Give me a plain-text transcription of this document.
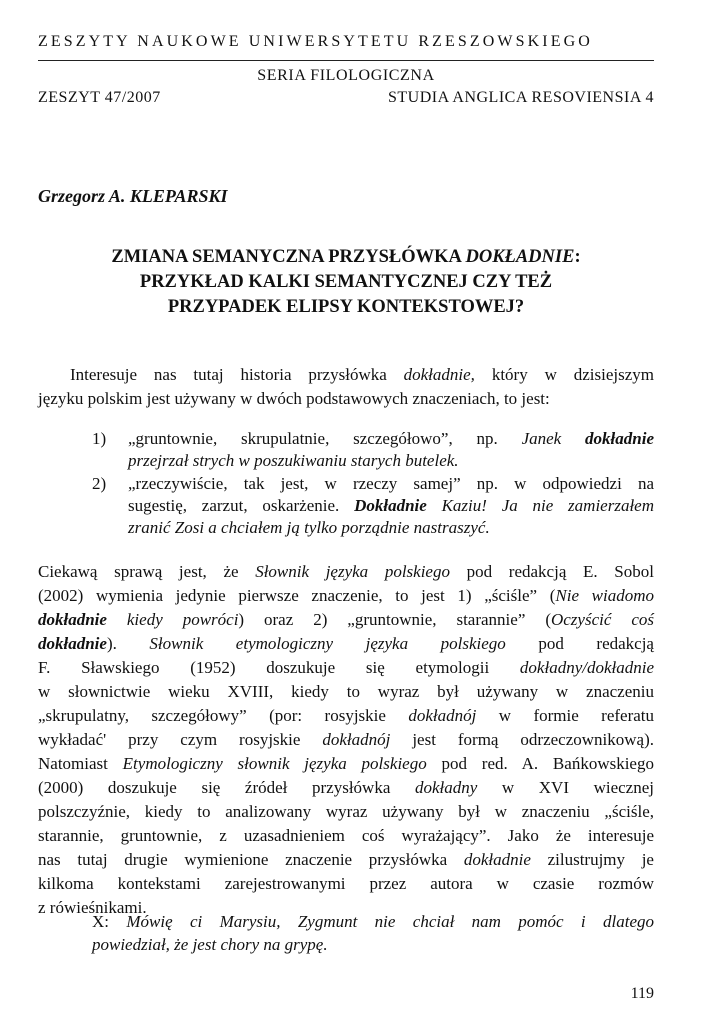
ZESZYTY NAUKOWE UNIWERSYTETU RZESZOWSKIEGO
SERIA FILOLOGICZNA
ZESZYT 47/2007	STUDIA ANGLICA RESOVIENSIA 4
Grzegorz A. KLEPARSKI
ZMIANA SEMANYCZNA PRZYSŁÓWKA DOKŁADNIE:
PRZYKŁAD KALKI SEMANTYCZNEJ CZY TEŻ
PRZYPADEK ELIPSY KONTEKSTOWEJ?
Interesuje nas tutaj historia przysłówka dokładnie, który w dzisiejszym
języku polskim jest używany w dwóch podstawowych znaczeniach, to jest:
1)	„gruntownie, skrupulatnie, szczegółowo”, np. Janek dokładnie
przejrzał strych w poszukiwaniu starych butelek.
2)	„rzeczywiście, tak jest, w rzeczy samej” np. w odpowiedzi na
sugestię, zarzut, oskarżenie. Dokładnie Kaziu! Ja nie zamierzałem
zranić Zosi a chciałem ją tylko porządnie nastraszyć.
Ciekawą sprawą jest, że Słownik języka polskiego pod redakcją E. Sobol
(2002) wymienia jedynie pierwsze znaczenie, to jest 1) „ściśle” (Nie wiadomo
dokładnie kiedy powróci) oraz 2) „gruntownie, starannie” (Oczyścić coś
dokładnie). Słownik etymologiczny języka polskiego pod redakcją
F. Sławskiego (1952) doszukuje się etymologii dokładny/dokładnie
w słownictwie wieku XVIII, kiedy to wyraz był używany w znaczeniu
„skrupulatny, szczegółowy” (por: rosyjskie dokładnój w formie referatu
wykładać' przy czym rosyjskie dokładnój jest formą odrzeczownikową).
Natomiast Etymologiczny słownik języka polskiego pod red. A. Bańkowskiego
(2000) doszukuje się źródeł przysłówka dokładny w XVI wiecznej
polszczyźnie, kiedy to analizowany wyraz używany był w znaczeniu „ściśle,
starannie, gruntownie, z uzasadnieniem coś wyrażający”. Jako że interesuje
nas tutaj drugie wymienione znaczenie przysłówka dokładnie zilustrujmy je
kilkoma kontekstami zarejestrowanymi przez autora w czasie rozmów
z rówieśnikami.
X: Mówię ci Marysiu, Zygmunt nie chciał nam pomóc i dlatego
powiedział, że jest chory na grypę.
119
